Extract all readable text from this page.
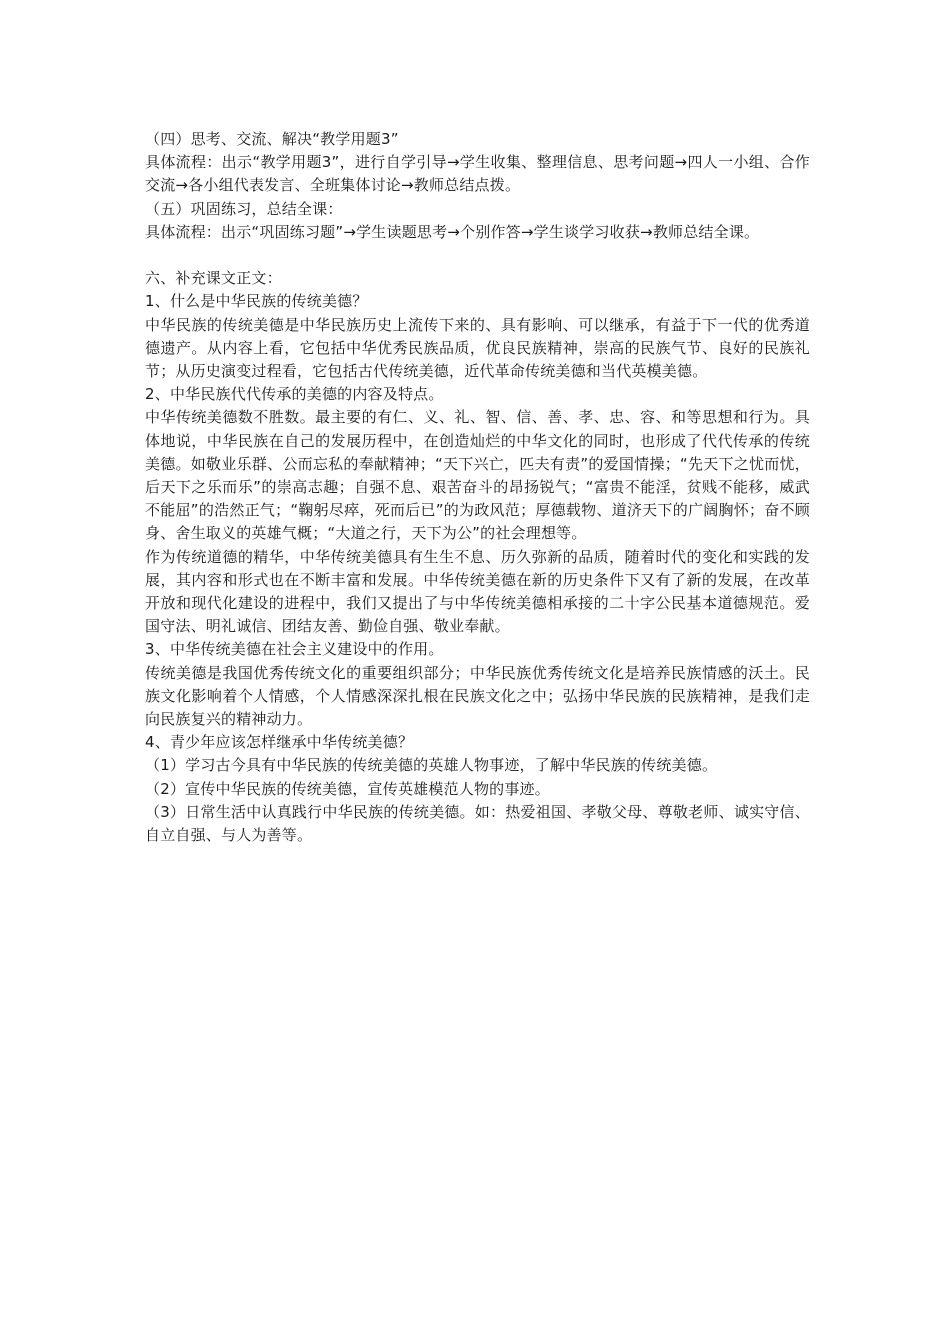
（四）思考、交流、解决“教学用题3”

具体流程：出示“教学用题3”，进行自学引导→学生收集、整理信息、思考问题→四人一小组、合作交流→各小组代表发言、全班集体讨论→教师总结点拨。

（五）巩固练习，总结全课：

具体流程：出示“巩固练习题”→学生读题思考→个别作答→学生谈学习收获→教师总结全课。

六、补充课文正文：

1、什么是中华民族的传统美德？

中华民族的传统美德是中华民族历史上流传下来的、具有影响、可以继承，有益于下一代的优秀道德遗产。从内容上看，它包括中华优秀民族品质，优良民族精神，崇高的民族气节、良好的民族礼节；从历史演变过程看，它包括古代传统美德，近代革命传统美德和当代英模美德。

2、中华民族代代传承的美德的内容及特点。

中华传统美德数不胜数。最主要的有仁、义、礼、智、信、善、孝、忠、容、和等思想和行为。具体地说，中华民族在自己的发展历程中，在创造灿烂的中华文化的同时，也形成了代代传承的传统美德。如敬业乐群、公而忘私的奉献精神；“天下兴亡，匹夫有责”的爱国情操；“先天下之忧而忧，后天下之乐而乐”的崇高志趣；自强不息、艰苦奋斗的昂扬锐气；“富贵不能淫，贫贱不能移，威武不能屈”的浩然正气；“鞠躬尽瘁，死而后已”的为政风范；厚德载物、道济天下的广阔胸怀；奋不顾身、舍生取义的英雄气概；“大道之行，天下为公”的社会理想等。

作为传统道德的精华，中华传统美德具有生生不息、历久弥新的品质，随着时代的变化和实践的发展，其内容和形式也在不断丰富和发展。中华传统美德在新的历史条件下又有了新的发展，在改革开放和现代化建设的进程中，我们又提出了与中华传统美德相承接的二十字公民基本道德规范。爱国守法、明礼诚信、团结友善、勤俭自强、敬业奉献。

3、中华传统美德在社会主义建设中的作用。

传统美德是我国优秀传统文化的重要组织部分；中华民族优秀传统文化是培养民族情感的沃土。民族文化影响着个人情感，个人情感深深扎根在民族文化之中；弘扬中华民族的民族精神，是我们走向民族复兴的精神动力。

4、青少年应该怎样继承中华传统美德？

（1）学习古今具有中华民族的传统美德的英雄人物事迹，了解中华民族的传统美德。

（2）宣传中华民族的传统美德，宣传英雄模范人物的事迹。

（3）日常生活中认真践行中华民族的传统美德。如：热爱祖国、孝敬父母、尊敬老师、诚实守信、自立自强、与人为善等。
